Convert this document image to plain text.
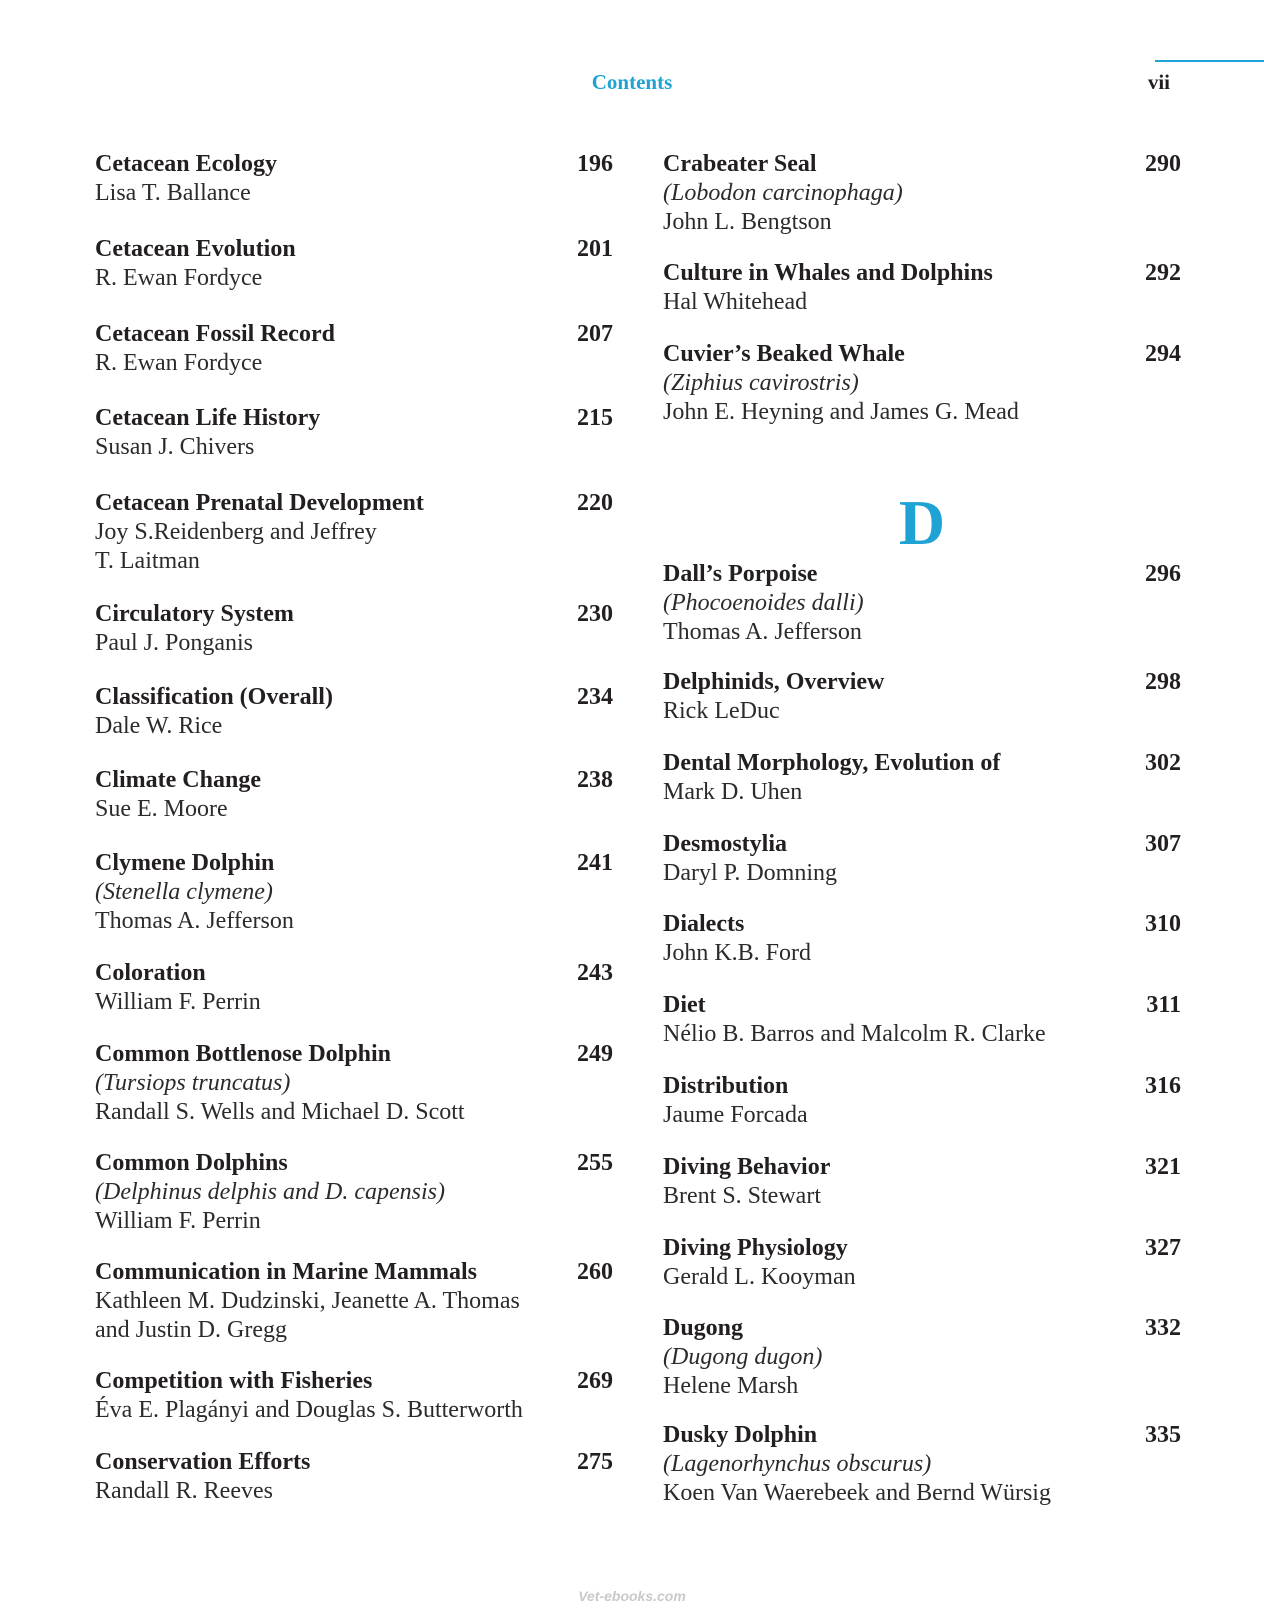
Contents	vii
Cetacean Ecology	196
Lisa T. Ballance
Cetacean Evolution	201
R. Ewan Fordyce
Cetacean Fossil Record	207
R. Ewan Fordyce
Cetacean Life History	215
Susan J. Chivers
Cetacean Prenatal Development	220
Joy S.Reidenberg and Jeffrey
T. Laitman
Circulatory System	230
Paul J. Ponganis
Classification (Overall)	234
Dale W. Rice
Climate Change	238
Sue E. Moore
Clymene Dolphin	241
(Stenella clymene)
Thomas A. Jefferson
Coloration	243
William F. Perrin
Common Bottlenose Dolphin	249
(Tursiops truncatus)
Randall S. Wells and Michael D. Scott
Common Dolphins	255
(Delphinus delphis and D. capensis)
William F. Perrin
Communication in Marine Mammals	260
Kathleen M. Dudzinski, Jeanette A. Thomas
and Justin D. Gregg
Competition with Fisheries	269
Éva E. Plagányi and Douglas S. Butterworth
Conservation Efforts	275
Randall R. Reeves
Crabeater Seal	290
(Lobodon carcinophaga)
John L. Bengtson
Culture in Whales and Dolphins	292
Hal Whitehead
Cuvier’s Beaked Whale	294
(Ziphius cavirostris)
John E. Heyning and James G. Mead
Dall’s Porpoise	296
(Phocoenoides dalli)
Thomas A. Jefferson
Delphinids, Overview	298
Rick LeDuc
Dental Morphology, Evolution of	302
Mark D. Uhen
Desmostylia	307
Daryl P. Domning
Dialects	310
John K.B. Ford
Diet	311
Nélio B. Barros and Malcolm R. Clarke
Distribution	316
Jaume Forcada
Diving Behavior	321
Brent S. Stewart
Diving Physiology	327
Gerald L. Kooyman
Dugong	332
(Dugong dugon)
Helene Marsh
Dusky Dolphin	335
(Lagenorhynchus obscurus)
Koen Van Waerebeek and Bernd Würsig
D
Vet-ebooks.com
